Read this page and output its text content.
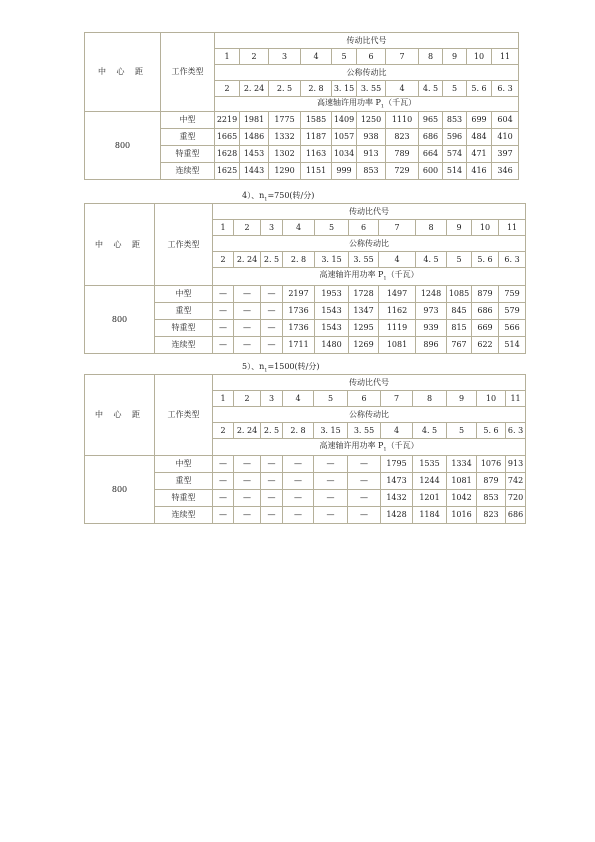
中 心 距	工作类型	传动比代号										
		1	2	3	4	5	6	7	8	9	10	11
		公称传动比										
		2	2. 24	2. 5	2. 8	3. 15	3. 55	4	4. 5	5	5. 6	6. 3
		高速轴许用功率 $P_1$（千瓦）										
800	中型	2219	1981	1775	1585	1409	1250	1110	965	853	699	604
	重型	1665	1486	1332	1187	1057	938	823	686	596	484	410
	特重型	1628	1453	1302	1163	1034	913	789	664	574	471	397
	连续型	1625	1443	1290	1151	999	853	729	600	514	416	346
4）、$n_1=750$(转/分)
中 心 距	工作类型	传动比代号										
		1	2	3	4	5	6	7	8	9	10	11
		公称传动比										
		2	2. 24	2. 5	2. 8	3. 15	3. 55	4	4. 5	5	5. 6	6. 3
		高速轴许用功率 $P_1$（千瓦）										
800	中型	—	—	—	2197	1953	1728	1497	1248	1085	879	759
	重型	—	—	—	1736	1543	1347	1162	973	845	686	579
	特重型	—	—	—	1736	1543	1295	1119	939	815	669	566
	连续型	—	—	—	1711	1480	1269	1081	896	767	622	514
5）、$n_1=1500$(转/分)
中 心 距	工作类型	传动比代号										
		1	2	3	4	5	6	7	8	9	10	11
		公称传动比										
		2	2. 24	2. 5	2. 8	3. 15	3. 55	4	4. 5	5	5. 6	6. 3
		高速轴许用功率 $P_1$（千瓦）										
800	中型	—	—	—	—	—	—	1795	1535	1334	1076	913
	重型	—	—	—	—	—	—	1473	1244	1081	879	742
	特重型	—	—	—	—	—	—	1432	1201	1042	853	720
	连续型	—	—	—	—	—	—	1428	1184	1016	823	686
